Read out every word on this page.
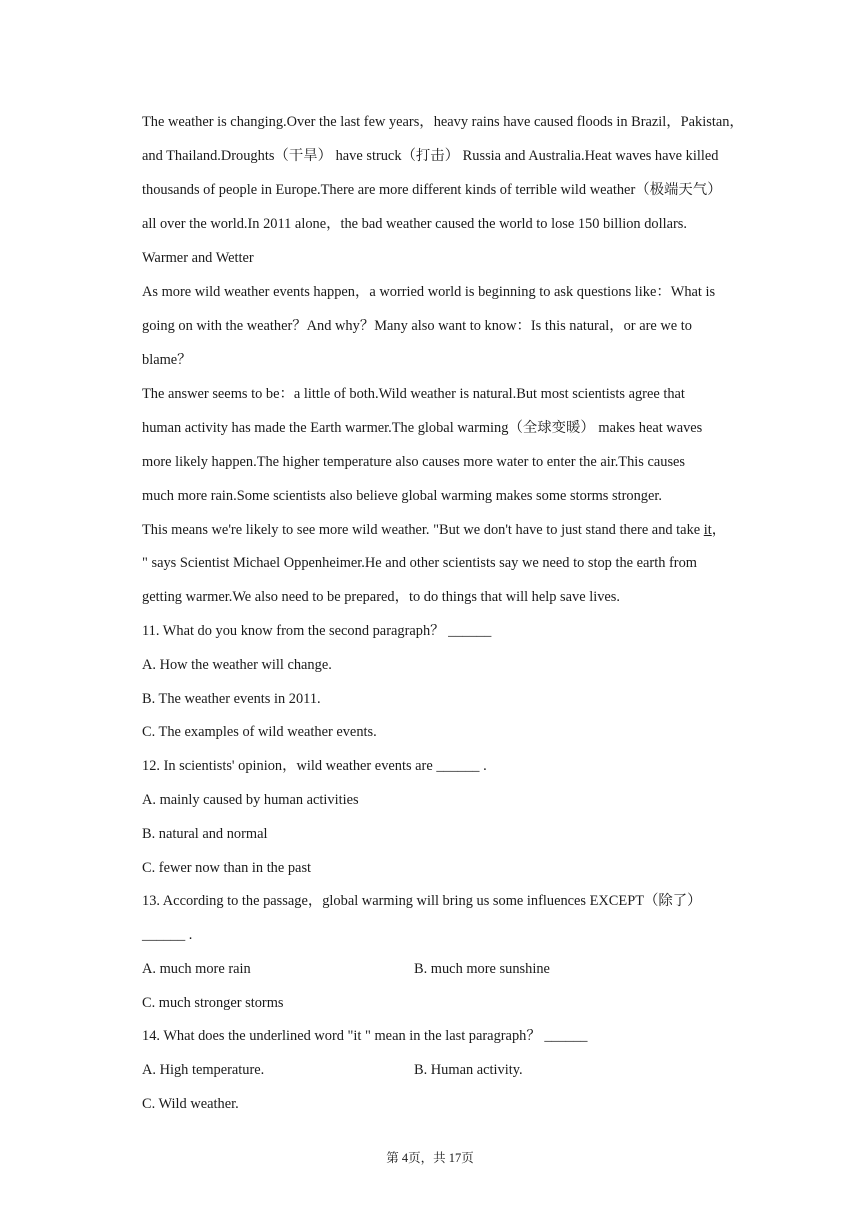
The weather is changing.Over the last few years，heavy rains have caused floods in Brazil，Pakistan，
and Thailand.Droughts（干旱） have struck（打击） Russia and Australia.Heat waves have killed
thousands of people in Europe.There are more different kinds of terrible wild weather（极端天气）
all over the world.In 2011 alone，the bad weather caused the world to lose 150 billion dollars.
Warmer and Wetter
As more wild weather events happen，a worried world is beginning to ask questions like：What is
going on with the weather？And why？Many also want to know：Is this natural，or are we to
blame？
The answer seems to be：a little of both.Wild weather is natural.But most scientists agree that
human activity has made the Earth warmer.The global warming（全球变暖） makes heat waves
more likely happen.The higher temperature also causes more water to enter the air.This causes
much more rain.Some scientists also believe global warming makes some storms stronger.
This means we're likely to see more wild weather. "But we don't have to just stand there and take it，
" says Scientist Michael Oppenheimer.He and other scientists say we need to stop the earth from
getting warmer.We also need to be prepared，to do things that will help save lives.
11. What do you know from the second paragraph？ ______
A. How the weather will change.
B. The weather events in 2011.
C. The examples of wild weather events.
12. In scientists' opinion，wild weather events are ______ .
A. mainly caused by human activities
B. natural and normal
C. fewer now than in the past
13. According to the passage，global warming will bring us some influences EXCEPT（除了）
______ .
A. much more rain	B. much more sunshine
C. much stronger storms
14. What does the underlined word "it " mean in the last paragraph？ ______
A. High temperature.	B. Human activity.
C. Wild weather.
第 4页，共 17页
